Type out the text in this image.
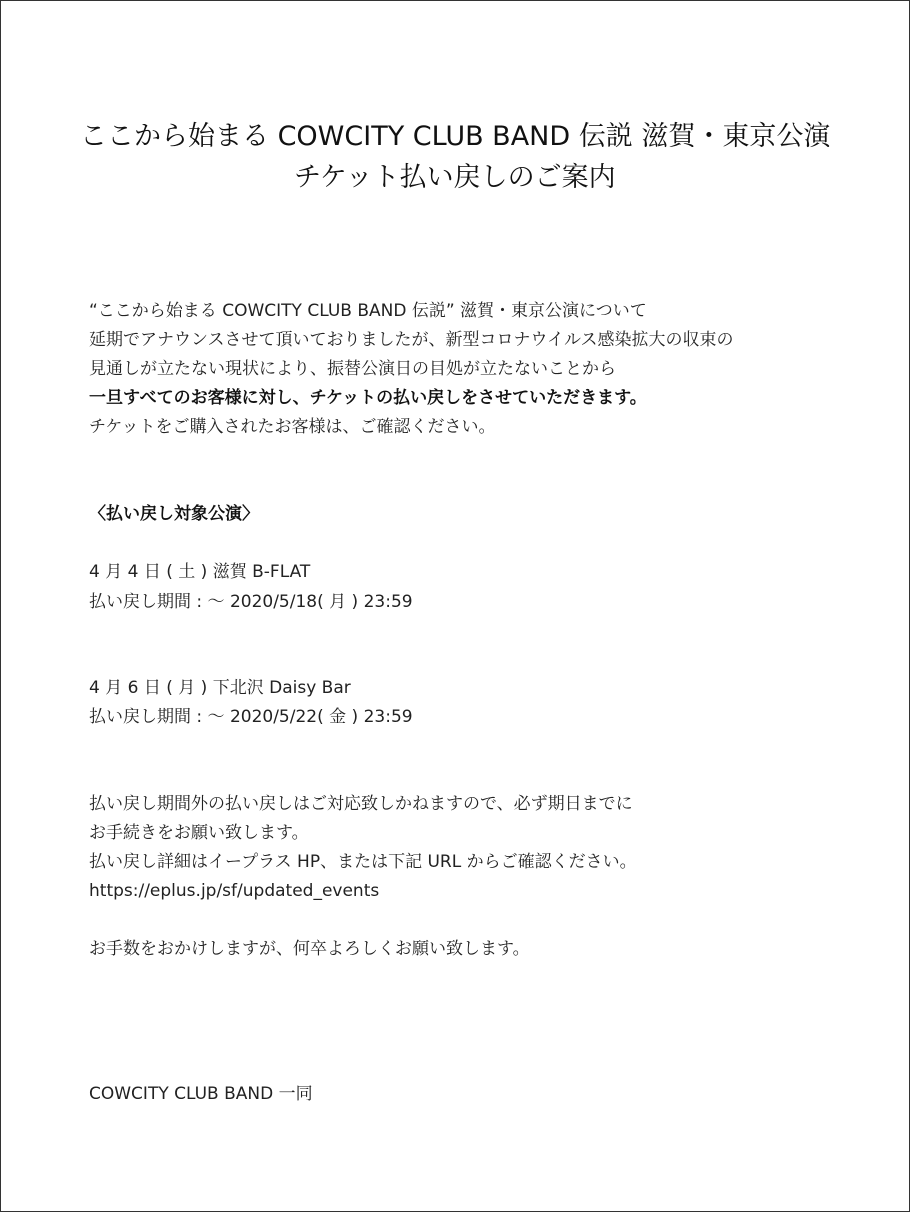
ここから始まる COWCITY CLUB BAND 伝説 滋賀・東京公演
チケット払い戻しのご案内
“ここから始まる COWCITY CLUB BAND 伝説” 滋賀・東京公演について
延期でアナウンスさせて頂いておりましたが、新型コロナウイルス感染拡大の収束の
見通しが立たない現状により、振替公演日の目処が立たないことから
一旦すべてのお客様に対し、チケットの払い戻しをさせていただきます。
チケットをご購入されたお客様は、ご確認ください。
〈払い戻し対象公演〉
4 月 4 日 ( 土 ) 滋賀 B-FLAT
払い戻し期間 : 〜 2020/5/18( 月 ) 23:59
4 月 6 日 ( 月 ) 下北沢 Daisy Bar
払い戻し期間 : 〜 2020/5/22( 金 ) 23:59
払い戻し期間外の払い戻しはご対応致しかねますので、必ず期日までに
お手続きをお願い致します。
払い戻し詳細はイープラス HP、または下記 URL からご確認ください。
https://eplus.jp/sf/updated_events
お手数をおかけしますが、何卒よろしくお願い致します。
COWCITY CLUB BAND 一同
